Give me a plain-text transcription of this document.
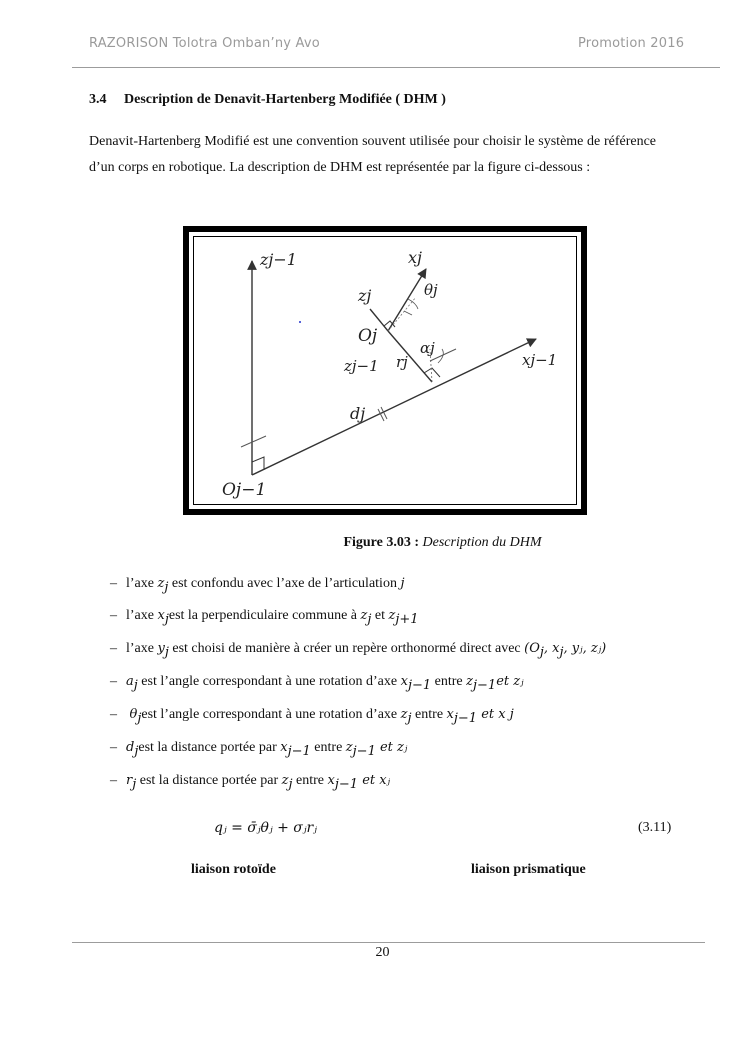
RAZORISON Tolotra Omban’ny Avo	Promotion 2016
3.4 Description de Denavit-Hartenberg Modifiée ( DHM )
Denavit-Hartenberg Modifié est une convention souvent utilisée pour choisir le système de référence d’un corps en robotique. La description de DHM est représentée par la figure ci-dessous :
zj−1	xj
zj	θj
Oj
αj
xj−1
zj−1 rj
dj
Oj−1
Figure 3.03 : Description du DHM
– l’axe $z_j$ est confondu avec l’axe de l’articulation j
– l’axe $x_jest$ la perpendiculaire commune à $z_j$ et $z_{j+1}$
– l’axe $y_j$ est choisi de manière à créer un repère orthonormé direct avec ($O_j$, $x_j$, yⱼ, zⱼ)
– $a_j$ est l’angle correspondant à une rotation d’axe $x_{j-1}$ entre $z_{j-1}et$ zⱼ
– $\theta_jest$ l’angle correspondant à une rotation d’axe $z_j$ entre $x_{j-1}$ et x j
– $d_jest$ la distance portée par $x_{j-1}$ entre $z_{j-1}$ et zⱼ
– $r_j$ est la distance portée par $z_j$ entre $x_{j-1}$ et xⱼ
qⱼ = σ̄ⱼθⱼ + σⱼrⱼ	(3.11)
liaison rotoïde	liaison prismatique
20
